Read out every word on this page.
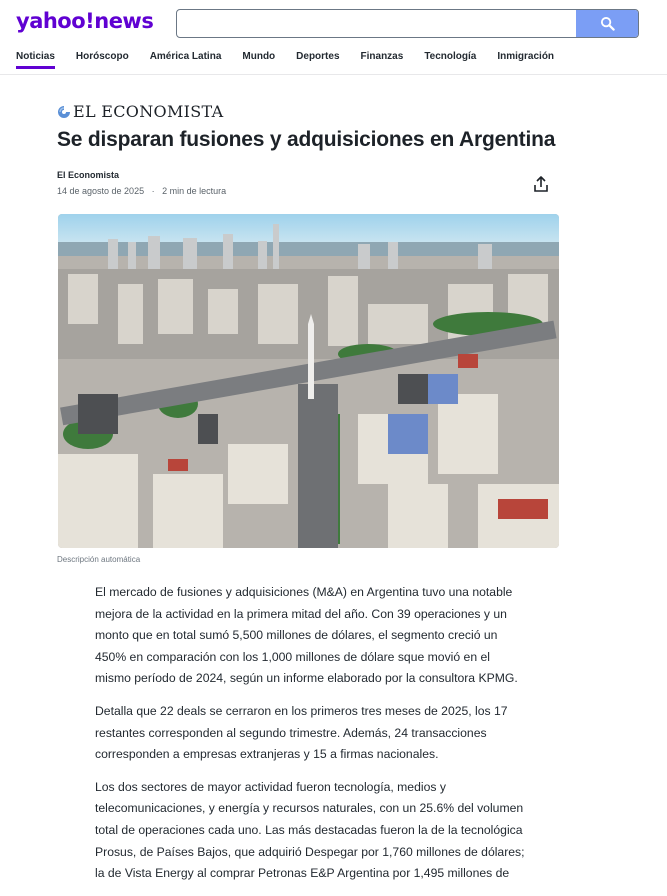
yahoo!news
Noticias Horóscopo América Latina Mundo Deportes Finanzas Tecnología Inmigración
EL ECONOMISTA
Se disparan fusiones y adquisiciones en Argentina
El Economista
14 de agosto de 2025 · 2 min de lectura
Descripción automática

El mercado de fusiones y adquisiciones (M&A) en Argentina tuvo una notable mejora de la actividad en la primera mitad del año. Con 39 operaciones y un monto que en total sumó 5,500 millones de dólares, el segmento creció un 450% en comparación con los 1,000 millones de dólare sque movió en el mismo período de 2024, según un informe elaborado por la consultora KPMG.

Detalla que 22 deals se cerraron en los primeros tres meses de 2025, los 17 restantes corresponden al segundo trimestre. Además, 24 transacciones corresponden a empresas extranjeras y 15 a firmas nacionales.

Los dos sectores de mayor actividad fueron tecnología, medios y telecomunicaciones, y energía y recursos naturales, con un 25.6% del volumen total de operaciones cada uno. Las más destacadas fueron la de la tecnológica Prosus, de Países Bajos, que adquirió Despegar por 1,760 millones de dólares; la de Vista Energy al comprar Petronas E&P Argentina por 1,495 millones de
